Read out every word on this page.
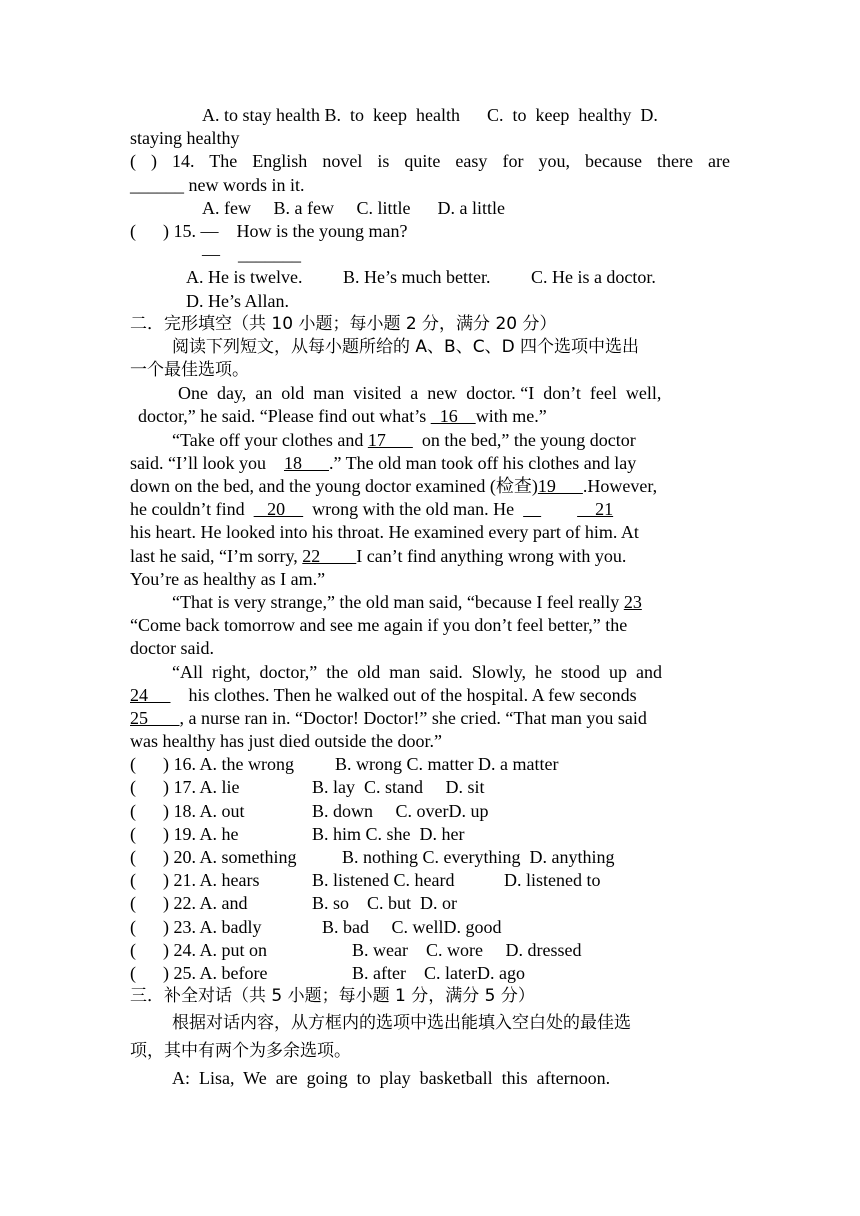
A. to stay health B.  to  keep  health      C.  to  keep  healthy  D.
staying healthy
( ) 14. The English novel is quite easy for you, because there are
______ new words in it.
A. few     B. a few     C. little      D. a little
(      ) 15. —    How is the young man?
—    _______
A. He is twelve.         B. He’s much better.         C. He is a doctor.
D. He’s Allan.
二．完形填空（共 10 小题；每小题 2 分，满分 20 分）
阅读下列短文，从每小题所给的 A、B、C、D 四个选项中选出
一个最佳选项。
One  day,  an  old  man  visited  a  new  doctor. “I  don’t  feel  well,
doctor,” he said. “Please find out what’s   16    with me.”
“Take off your clothes and 17        on the bed,” the young doctor
said. “I’ll look you    18      .” The old man took off his clothes and lay
down on the bed, and the young doctor examined (检查)19      .However,
he couldn’t find     20      wrong with the old man. He	21
his heart. He looked into his throat. He examined every part of him. At
last he said, “I’m sorry, 22        I can’t find anything wrong with you.
You’re as healthy as I am.”
“That is very strange,” the old man said, “because I feel really 23
“Come back tomorrow and see me again if you don’t feel better,” the
doctor said.
“All  right,  doctor,”  the  old  man  said.  Slowly,  he  stood  up  and
24         his clothes. Then he walked out of the hospital. A few seconds
25       , a nurse ran in. “Doctor! Doctor!” she cried. “That man you said
was healthy has just died outside the door.”
(      ) 16. A. the wrong	B. wrong C. matter D. a matter
(      ) 17. A. lie	B. lay  C. stand     D. sit
(      ) 18. A. out	B. down     C. overD. up
(      ) 19. A. he	B. him C. she  D. her
(      ) 20. A. something	B. nothing C. everything  D. anything
(      ) 21. A. hears	B. listened C. heard           D. listened to
(      ) 22. A. and	B. so    C. but  D. or
(      ) 23. A. badly	B. bad     C. wellD. good
(      ) 24. A. put on	B. wear    C. wore     D. dressed
(      ) 25. A. before	B. after    C. laterD. ago
三．补全对话（共 5 小题；每小题 1 分，满分 5 分）
根据对话内容，从方框内的选项中选出能填入空白处的最佳选
项，其中有两个为多余选项。
A:  Lisa,  We  are  going  to  play  basketball  this  afternoon.
